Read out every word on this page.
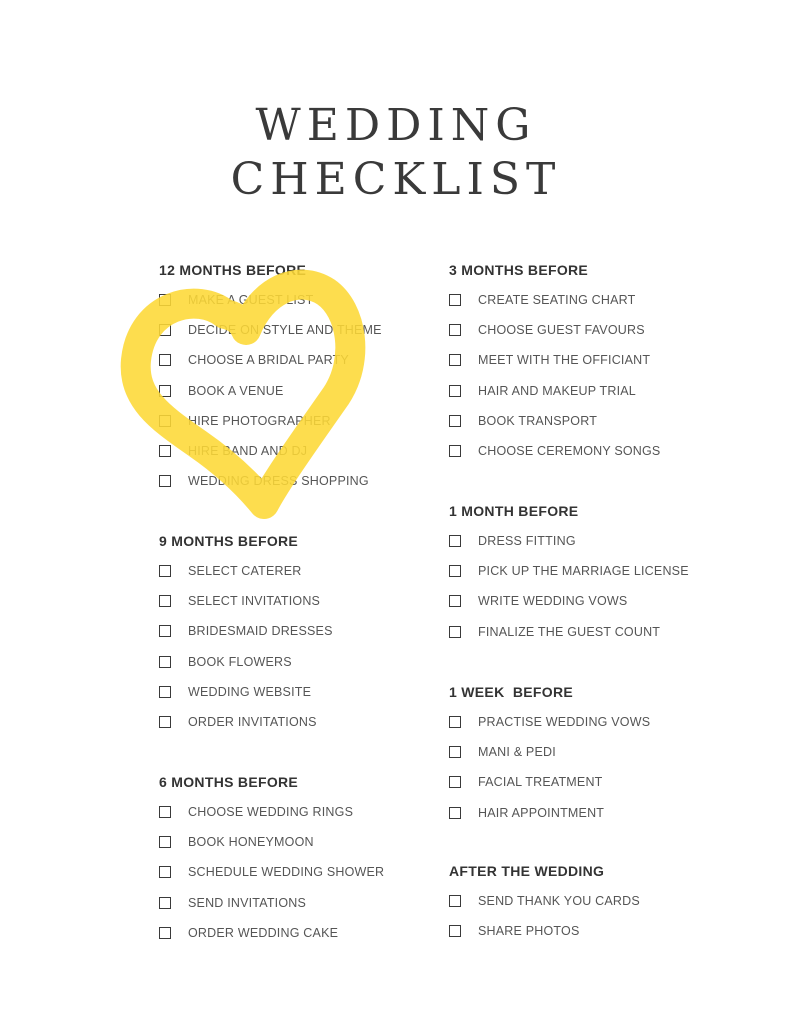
WEDDING
CHECKLIST
12 MONTHS BEFORE
MAKE A GUEST LIST
DECIDE ON STYLE AND THEME
CHOOSE A BRIDAL PARTY
BOOK A VENUE
HIRE PHOTOGRAPHER
HIRE BAND AND DJ
WEDDING DRESS SHOPPING
9 MONTHS BEFORE
SELECT CATERER
SELECT INVITATIONS
BRIDESMAID DRESSES
BOOK FLOWERS
WEDDING WEBSITE
ORDER INVITATIONS
6 MONTHS BEFORE
CHOOSE WEDDING RINGS
BOOK HONEYMOON
SCHEDULE WEDDING SHOWER
SEND INVITATIONS
ORDER WEDDING CAKE
3 MONTHS BEFORE
CREATE SEATING CHART
CHOOSE GUEST FAVOURS
MEET WITH THE OFFICIANT
HAIR AND MAKEUP TRIAL
BOOK TRANSPORT
CHOOSE CEREMONY SONGS
1 MONTH BEFORE
DRESS FITTING
PICK UP THE MARRIAGE LICENSE
WRITE WEDDING VOWS
FINALIZE THE GUEST COUNT
1 WEEK  BEFORE
PRACTISE WEDDING VOWS
MANI & PEDI
FACIAL TREATMENT
HAIR APPOINTMENT
AFTER THE WEDDING
SEND THANK YOU CARDS
SHARE PHOTOS
